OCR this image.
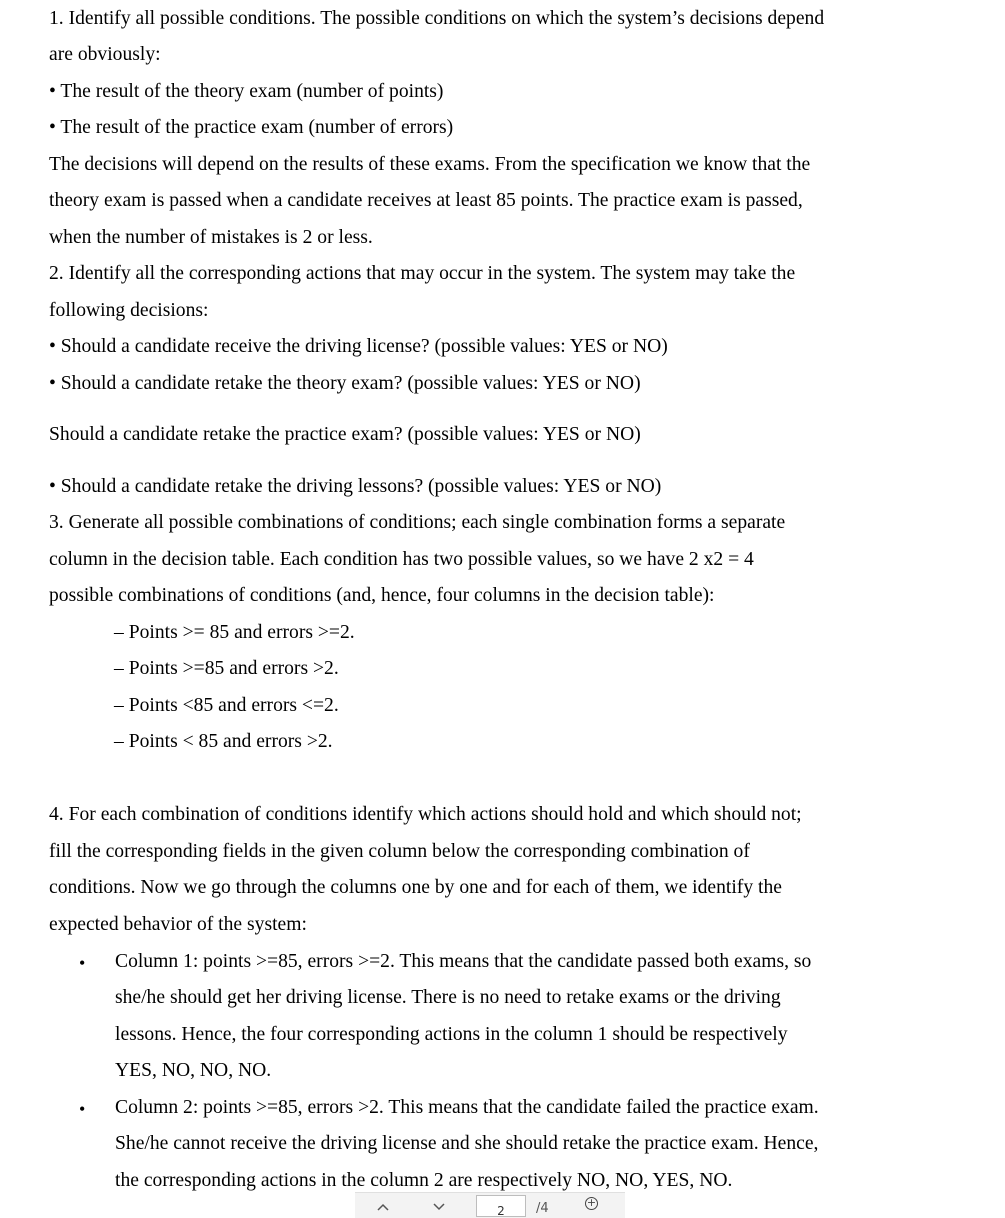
1. Identify all possible conditions. The possible conditions on which the system’s decisions depend
are obviously:
• The result of the theory exam (number of points)
• The result of the practice exam (number of errors)
The decisions will depend on the results of these exams. From the specification we know that the
theory exam is passed when a candidate receives at least 85 points. The practice exam is passed,
when the number of mistakes is 2 or less.
2. Identify all the corresponding actions that may occur in the system. The system may take the
following decisions:
• Should a candidate receive the driving license? (possible values: YES or NO)
• Should a candidate retake the theory exam? (possible values: YES or NO)
Should a candidate retake the practice exam? (possible values: YES or NO)
• Should a candidate retake the driving lessons? (possible values: YES or NO)
3. Generate all possible combinations of conditions; each single combination forms a separate
column in the decision table. Each condition has two possible values, so we have 2 x2 = 4
possible combinations of conditions (and, hence, four columns in the decision table):
– Points >= 85 and errors >=2.
– Points >=85 and errors >2.
– Points <85 and errors <=2.
– Points < 85 and errors >2.
4. For each combination of conditions identify which actions should hold and which should not;
fill the corresponding fields in the given column below the corresponding combination of
conditions. Now we go through the columns one by one and for each of them, we identify the
expected behavior of the system:
• Column 1: points >=85, errors >=2. This means that the candidate passed both exams, so
she/he should get her driving license. There is no need to retake exams or the driving
lessons. Hence, the four corresponding actions in the column 1 should be respectively
YES, NO, NO, NO.
• Column 2: points >=85, errors >2. This means that the candidate failed the practice exam.
She/he cannot receive the driving license and she should retake the practice exam. Hence,
the corresponding actions in the column 2 are respectively NO, NO, YES, NO.
2	/4	+
